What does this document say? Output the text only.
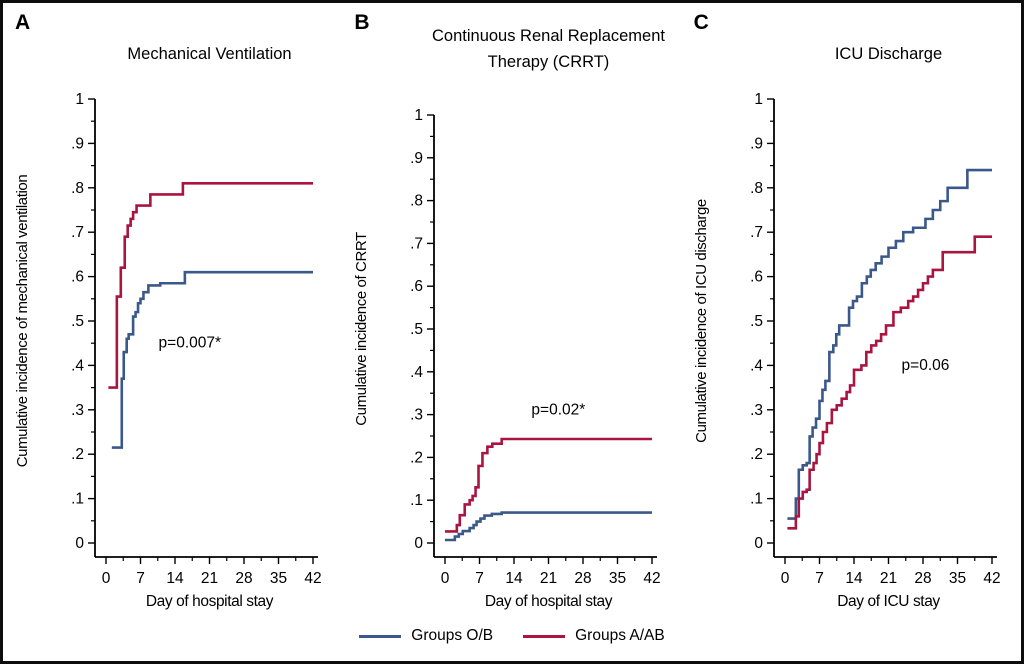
A
Mechanical Ventilation
0
.1
.2
.3
.4
.5
.6
.7
.8
.9
1
0 7 14 21 28 35 42
Cumulative incidence of mechanical ventilation
Day of hospital stay
p=0.007*
B
Continuous Renal Replacement
Therapy (CRRT)
0
.1
.2
.3
.4
.5
.6
.7
.8
.9
1
0 7 14 21 28 35 42
Cumulative incidence of CRRT
Day of hospital stay
p=0.02*
C
ICU Discharge
0
.1
.2
.3
.4
.5
.6
.7
.8
.9
1
0 7 14 21 28 35 42
Cumulative incidence of ICU discharge
Day of ICU stay
p=0.06
Groups O/B	Groups A/AB
